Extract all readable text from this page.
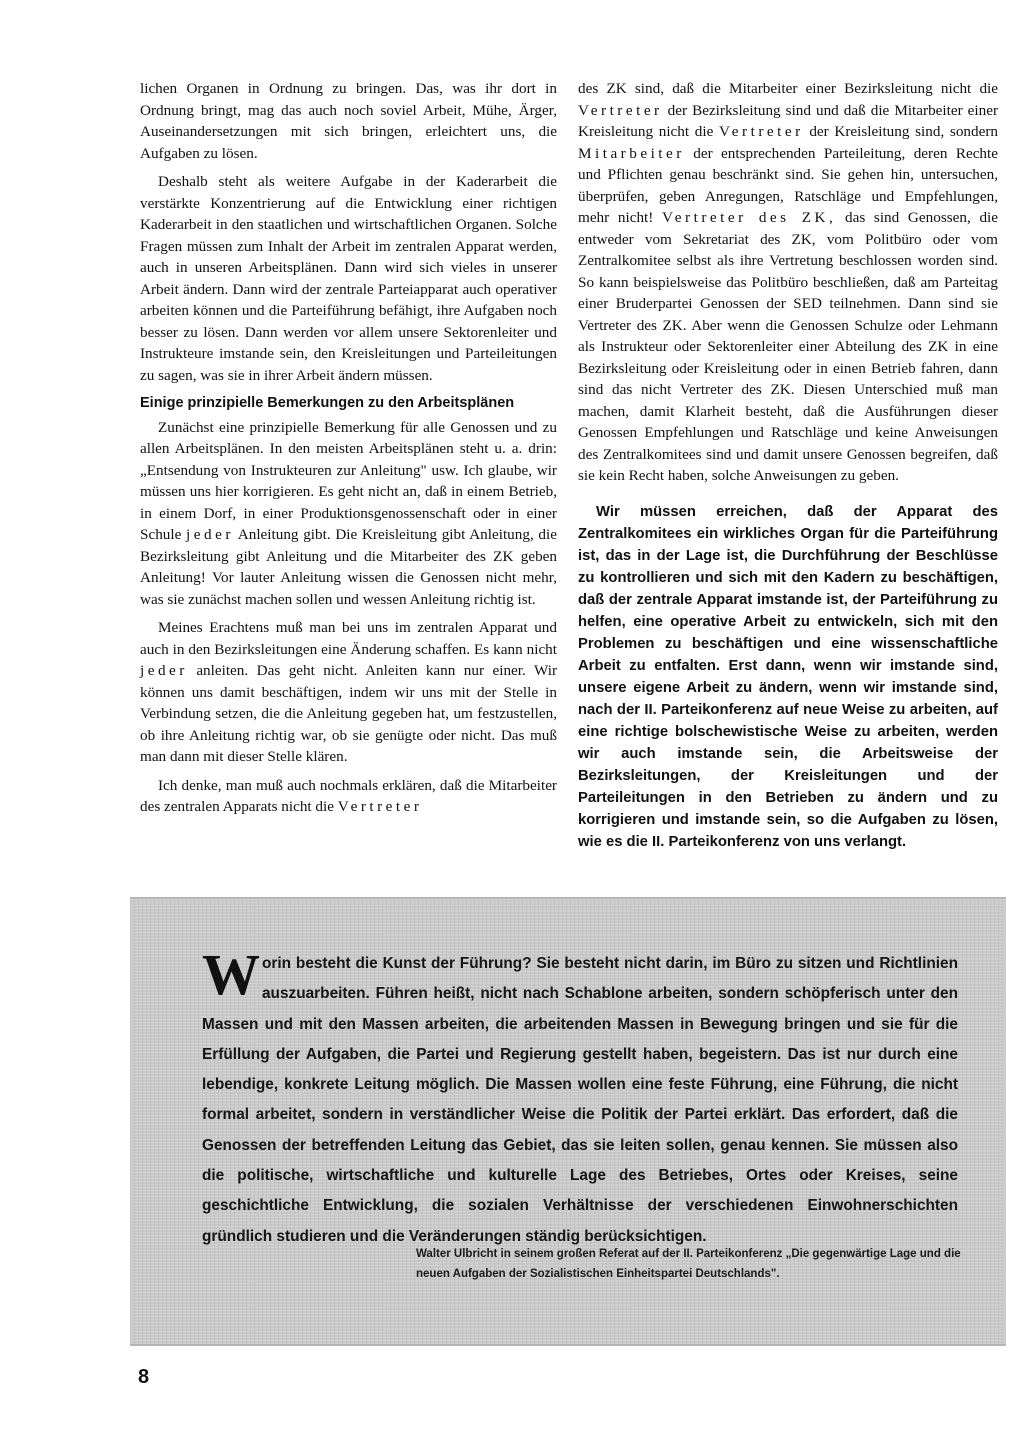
lichen Organen in Ordnung zu bringen. Das, was ihr dort in Ordnung bringt, mag das auch noch soviel Arbeit, Mühe, Ärger, Auseinandersetzungen mit sich bringen, erleichtert uns, die Aufgaben zu lösen.

Deshalb steht als weitere Aufgabe in der Kaderarbeit die verstärkte Konzentrierung auf die Entwicklung einer richtigen Kaderarbeit in den staatlichen und wirtschaftlichen Organen. Solche Fragen müssen zum Inhalt der Arbeit im zentralen Apparat werden, auch in unseren Arbeitsplänen. Dann wird sich vieles in unserer Arbeit ändern. Dann wird der zentrale Parteiapparat auch operativer arbeiten können und die Parteiführung befähigt, ihre Aufgaben noch besser zu lösen. Dann werden vor allem unsere Sektorenleiter und Instrukteure imstande sein, den Kreisleitungen und Parteileitungen zu sagen, was sie in ihrer Arbeit ändern müssen.

Einige prinzipielle Bemerkungen zu den Arbeitsplänen

Zunächst eine prinzipielle Bemerkung für alle Genossen und zu allen Arbeitsplänen. In den meisten Arbeitsplänen steht u. a. drin: „Entsendung von Instrukteuren zur Anleitung" usw. Ich glaube, wir müssen uns hier korrigieren. Es geht nicht an, daß in einem Betrieb, in einem Dorf, in einer Produktionsgenossenschaft oder in einer Schule jeder Anleitung gibt. Die Kreisleitung gibt Anleitung, die Bezirksleitung gibt Anleitung und die Mitarbeiter des ZK geben Anleitung! Vor lauter Anleitung wissen die Genossen nicht mehr, was sie zunächst machen sollen und wessen Anleitung richtig ist.

Meines Erachtens muß man bei uns im zentralen Apparat und auch in den Bezirksleitungen eine Änderung schaffen. Es kann nicht jeder anleiten. Das geht nicht. Anleiten kann nur einer. Wir können uns damit beschäftigen, indem wir uns mit der Stelle in Verbindung setzen, die die Anleitung gegeben hat, um festzustellen, ob ihre Anleitung richtig war, ob sie genügte oder nicht. Das muß man dann mit dieser Stelle klären.

Ich denke, man muß auch nochmals erklären, daß die Mitarbeiter des zentralen Apparats nicht die Vertreter

des ZK sind, daß die Mitarbeiter einer Bezirksleitung nicht die Vertreter der Bezirksleitung sind und daß die Mitarbeiter einer Kreisleitung nicht die Vertreter der Kreisleitung sind, sondern Mitarbeiter der entsprechenden Parteileitung, deren Rechte und Pflichten genau beschränkt sind. Sie gehen hin, untersuchen, überprüfen, geben Anregungen, Ratschläge und Empfehlungen, mehr nicht! Vertreter des ZK, das sind Genossen, die entweder vom Sekretariat des ZK, vom Politbüro oder vom Zentralkomitee selbst als ihre Vertretung beschlossen worden sind. So kann beispielsweise das Politbüro beschließen, daß am Parteitag einer Bruderpartei Genossen der SED teilnehmen. Dann sind sie Vertreter des ZK. Aber wenn die Genossen Schulze oder Lehmann als Instrukteur oder Sektorenleiter einer Abteilung des ZK in eine Bezirksleitung oder Kreisleitung oder in einen Betrieb fahren, dann sind das nicht Vertreter des ZK. Diesen Unterschied muß man machen, damit Klarheit besteht, daß die Ausführungen dieser Genossen Empfehlungen und Ratschläge und keine Anweisungen des Zentralkomitees sind und damit unsere Genossen begreifen, daß sie kein Recht haben, solche Anweisungen zu geben.

Wir müssen erreichen, daß der Apparat des Zentralkomitees ein wirkliches Organ für die Parteiführung ist, das in der Lage ist, die Durchführung der Beschlüsse zu kontrollieren und sich mit den Kadern zu beschäftigen, daß der zentrale Apparat imstande ist, der Parteiführung zu helfen, eine operative Arbeit zu entwickeln, sich mit den Problemen zu beschäftigen und eine wissenschaftliche Arbeit zu entfalten. Erst dann, wenn wir imstande sind, unsere eigene Arbeit zu ändern, wenn wir imstande sind, nach der II. Parteikonferenz auf neue Weise zu arbeiten, auf eine richtige bolschewistische Weise zu arbeiten, werden wir auch imstande sein, die Arbeitsweise der Bezirksleitungen, der Kreisleitungen und der Parteileitungen in den Betrieben zu ändern und zu korrigieren und imstande sein, so die Aufgaben zu lösen, wie es die II. Parteikonferenz von uns verlangt.

Worin besteht die Kunst der Führung? Sie besteht nicht darin, im Büro zu sitzen und Richtlinien auszuarbeiten. Führen heißt, nicht nach Schablone arbeiten, sondern schöpferisch unter den Massen und mit den Massen arbeiten, die arbeitenden Massen in Bewegung bringen und sie für die Erfüllung der Aufgaben, die Partei und Regierung gestellt haben, begeistern. Das ist nur durch eine lebendige, konkrete Leitung möglich. Die Massen wollen eine feste Führung, eine Führung, die nicht formal arbeitet, sondern in verständlicher Weise die Politik der Partei erklärt. Das erfordert, daß die Genossen der betreffenden Leitung das Gebiet, das sie leiten sollen, genau kennen. Sie müssen also die politische, wirtschaftliche und kulturelle Lage des Betriebes, Ortes oder Kreises, seine geschichtliche Entwicklung, die sozialen Verhältnisse der verschiedenen Einwohnerschichten gründlich studieren und die Veränderungen ständig berücksichtigen.
Walter Ulbricht in seinem großen Referat auf der II. Parteikonferenz „Die gegenwärtige Lage und die neuen Aufgaben der Sozialistischen Einheitspartei Deutschlands".
8
